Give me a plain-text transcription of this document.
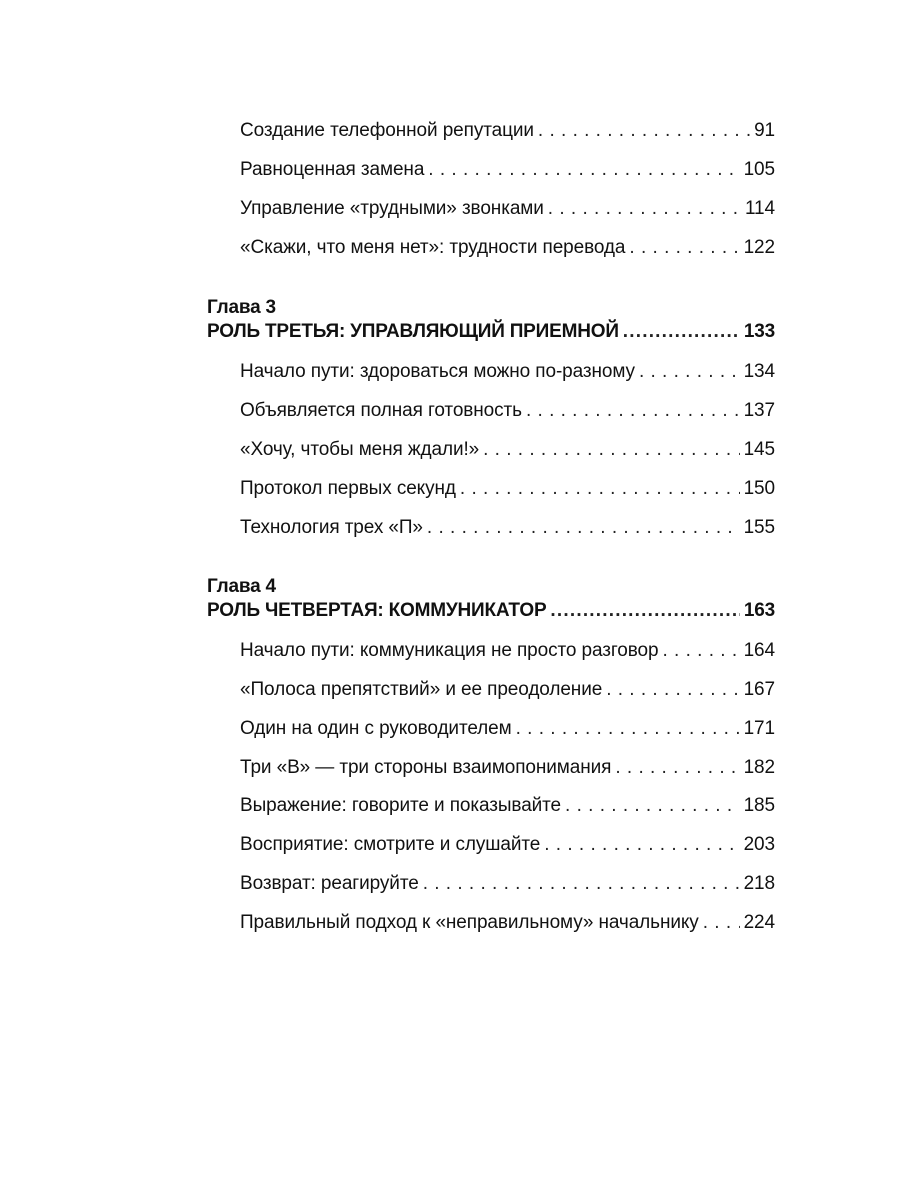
Создание телефонной репутации . . .	91
Равноценная замена . . .	105
Управление «трудными» звонками . . .	114
«Скажи, что меня нет»: трудности перевода . . .	122
Глава 3
РОЛЬ ТРЕТЬЯ: УПРАВЛЯЮЩИЙ ПРИЕМНОЙ .....	133
Начало пути: здороваться можно по-разному . . .	134
Объявляется полная готовность . . .	137
«Хочу, чтобы меня ждали!» . . .	145
Протокол первых секунд . . .	150
Технология трех «П» . . .	155
Глава 4
РОЛЬ ЧЕТВЕРТАЯ: КОММУНИКАТОР .....	163
Начало пути: коммуникация не просто разговор . . .	164
«Полоса препятствий» и ее преодоление . . .	167
Один на один с руководителем . . .	171
Три «В» — три стороны взаимопонимания . . .	182
Выражение: говорите и показывайте . . .	185
Восприятие: смотрите и слушайте . . .	203
Возврат: реагируйте . . .	218
Правильный подход к «неправильному» начальнику . . . 224
